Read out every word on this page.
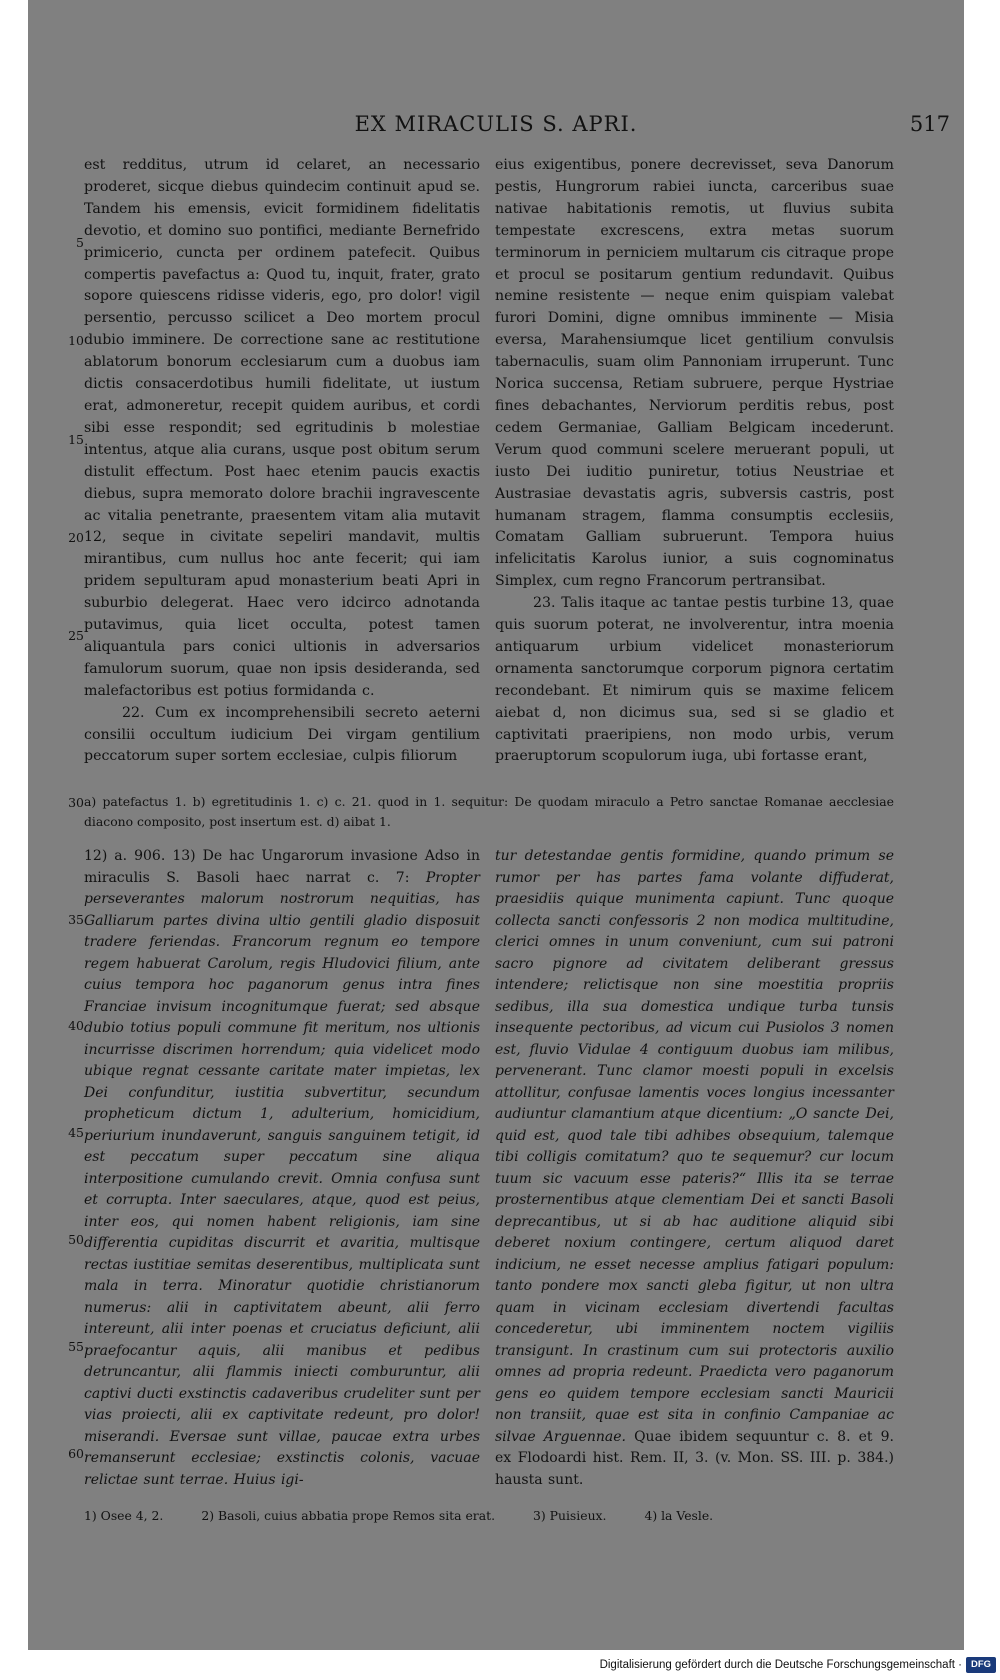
EX MIRACULIS S. APRI.	517
5
10
15
20
25
30
35
40
45
50
55
60

est redditus, utrum id celaret, an necessario proderet, sicque diebus quindecim continuit apud se. Tandem his emensis, evicit formidinem fidelitatis devotio, et domino suo pontifici, mediante Bernefrido primicerio, cuncta per ordinem patefecit. Quibus compertis pavefactus a: Quod tu, inquit, frater, grato sopore quiescens ridisse videris, ego, pro dolor! vigil persentio, percusso scilicet a Deo mortem procul dubio imminere. De correctione sane ac restitutione ablatorum bonorum ecclesiarum cum a duobus iam dictis consacerdotibus humili fidelitate, ut iustum erat, admoneretur, recepit quidem auribus, et cordi sibi esse respondit; sed egritudinis b molestiae intentus, atque alia curans, usque post obitum serum distulit effectum. Post haec etenim paucis exactis diebus, supra memorato dolore brachii ingravescente ac vitalia penetrante, praesentem vitam alia mutavit 12, seque in civitate sepeliri mandavit, multis mirantibus, cum nullus hoc ante fecerit; qui iam pridem sepulturam apud monasterium beati Apri in suburbio delegerat. Haec vero idcirco adnotanda putavimus, quia licet occulta, potest tamen aliquantula pars conici ultionis in adversarios famulorum suorum, quae non ipsis desideranda, sed malefactoribus est potius formidanda c.

22. Cum ex incomprehensibili secreto aeterni consilii occultum iudicium Dei virgam gentilium peccatorum super sortem ecclesiae, culpis filiorum

eius exigentibus, ponere decrevisset, seva Danorum pestis, Hungrorum rabiei iuncta, carceribus suae nativae habitationis remotis, ut fluvius subita tempestate excrescens, extra metas suorum terminorum in perniciem multarum cis citraque prope et procul se positarum gentium redundavit. Quibus nemine resistente — neque enim quispiam valebat furori Domini, digne omnibus imminente — Misia eversa, Marahensiumque licet gentilium convulsis tabernaculis, suam olim Pannoniam irruperunt. Tunc Norica succensa, Retiam subruere, perque Hystriae fines debachantes, Nerviorum perditis rebus, post cedem Germaniae, Galliam Belgicam incederunt. Verum quod communi scelere meruerant populi, ut iusto Dei iuditio puniretur, totius Neustriae et Austrasiae devastatis agris, subversis castris, post humanam stragem, flamma consumptis ecclesiis, Comatam Galliam subruerunt. Tempora huius infelicitatis Karolus iunior, a suis cognominatus Simplex, cum regno Francorum pertransibat.

23. Talis itaque ac tantae pestis turbine 13, quae quis suorum poterat, ne involverentur, intra moenia antiquarum urbium videlicet monasteriorum ornamenta sanctorumque corporum pignora certatim recondebant. Et nimirum quis se maxime felicem aiebat d, non dicimus sua, sed si se gladio et captivitati praeripiens, non modo urbis, verum praeruptorum scopulorum iuga, ubi fortasse erant,

a) patefactus 1. b) egretitudinis 1. c) c. 21. quod in 1. sequitur: De quodam miraculo a Petro sanctae Romanae aecclesiae diacono composito, post insertum est. d) aibat 1.

12) a. 906. 13) De hac Ungarorum invasione Adso in miraculis S. Basoli haec narrat c. 7: Propter perseverantes malorum nostrorum nequitias, has Galliarum partes divina ultio gentili gladio disposuit tradere feriendas. Francorum regnum eo tempore regem habuerat Carolum, regis Hludovici filium, ante cuius tempora hoc paganorum genus intra fines Franciae invisum incognitumque fuerat; sed absque dubio totius populi commune fit meritum, nos ultionis incurrisse discrimen horrendum; quia videlicet modo ubique regnat cessante caritate mater impietas, lex Dei confunditur, iustitia subvertitur, secundum propheticum dictum 1, adulterium, homicidium, periurium inundaverunt, sanguis sanguinem tetigit, id est peccatum super peccatum sine aliqua interpositione cumulando crevit. Omnia confusa sunt et corrupta. Inter saeculares, atque, quod est peius, inter eos, qui nomen habent religionis, iam sine differentia cupiditas discurrit et avaritia, multisque rectas iustitiae semitas deserentibus, multiplicata sunt mala in terra. Minoratur quotidie christianorum numerus: alii in captivitatem abeunt, alii ferro intereunt, alii inter poenas et cruciatus deficiunt, alii praefocantur aquis, alii manibus et pedibus detruncantur, alii flammis iniecti comburuntur, alii captivi ducti exstinctis cadaveribus crudeliter sunt per vias proiecti, alii ex captivitate redeunt, pro dolor! miserandi. Eversae sunt villae, paucae extra urbes remanserunt ecclesiae; exstinctis colonis, vacuae relictae sunt terrae. Huius igi-

tur detestandae gentis formidine, quando primum se rumor per has partes fama volante diffuderat, praesidiis quique munimenta capiunt. Tunc quoque collecta sancti confessoris 2 non modica multitudine, clerici omnes in unum conveniunt, cum sui patroni sacro pignore ad civitatem deliberant gressus intendere; relictisque non sine moestitia propriis sedibus, illa sua domestica undique turba tunsis insequente pectoribus, ad vicum cui Pusiolos 3 nomen est, fluvio Vidulae 4 contiguum duobus iam milibus, pervenerant. Tunc clamor moesti populi in excelsis attollitur, confusae lamentis voces longius incessanter audiuntur clamantium atque dicentium: „O sancte Dei, quid est, quod tale tibi adhibes obsequium, talemque tibi colligis comitatum? quo te sequemur? cur locum tuum sic vacuum esse pateris?“ Illis ita se terrae prosternentibus atque clementiam Dei et sancti Basoli deprecantibus, ut si ab hac auditione aliquid sibi deberet noxium contingere, certum aliquod daret indicium, ne esset necesse amplius fatigari populum: tanto pondere mox sancti gleba figitur, ut non ultra quam in vicinam ecclesiam divertendi facultas concederetur, ubi imminentem noctem vigiliis transigunt. In crastinum cum sui protectoris auxilio omnes ad propria redeunt. Praedicta vero paganorum gens eo quidem tempore ecclesiam sancti Mauricii non transiit, quae est sita in confinio Campaniae ac silvae Arguennae. Quae ibidem sequuntur c. 8. et 9. ex Flodoardi hist. Rem. II, 3. (v. Mon. SS. III. p. 384.) hausta sunt.

1) Osee 4, 2.	2) Basoli, cuius abbatia prope Remos sita erat.	3) Puisieux.	4) la Vesle.
Digitalisierung gefördert durch die Deutsche Forschungsgemeinschaft · DFG
